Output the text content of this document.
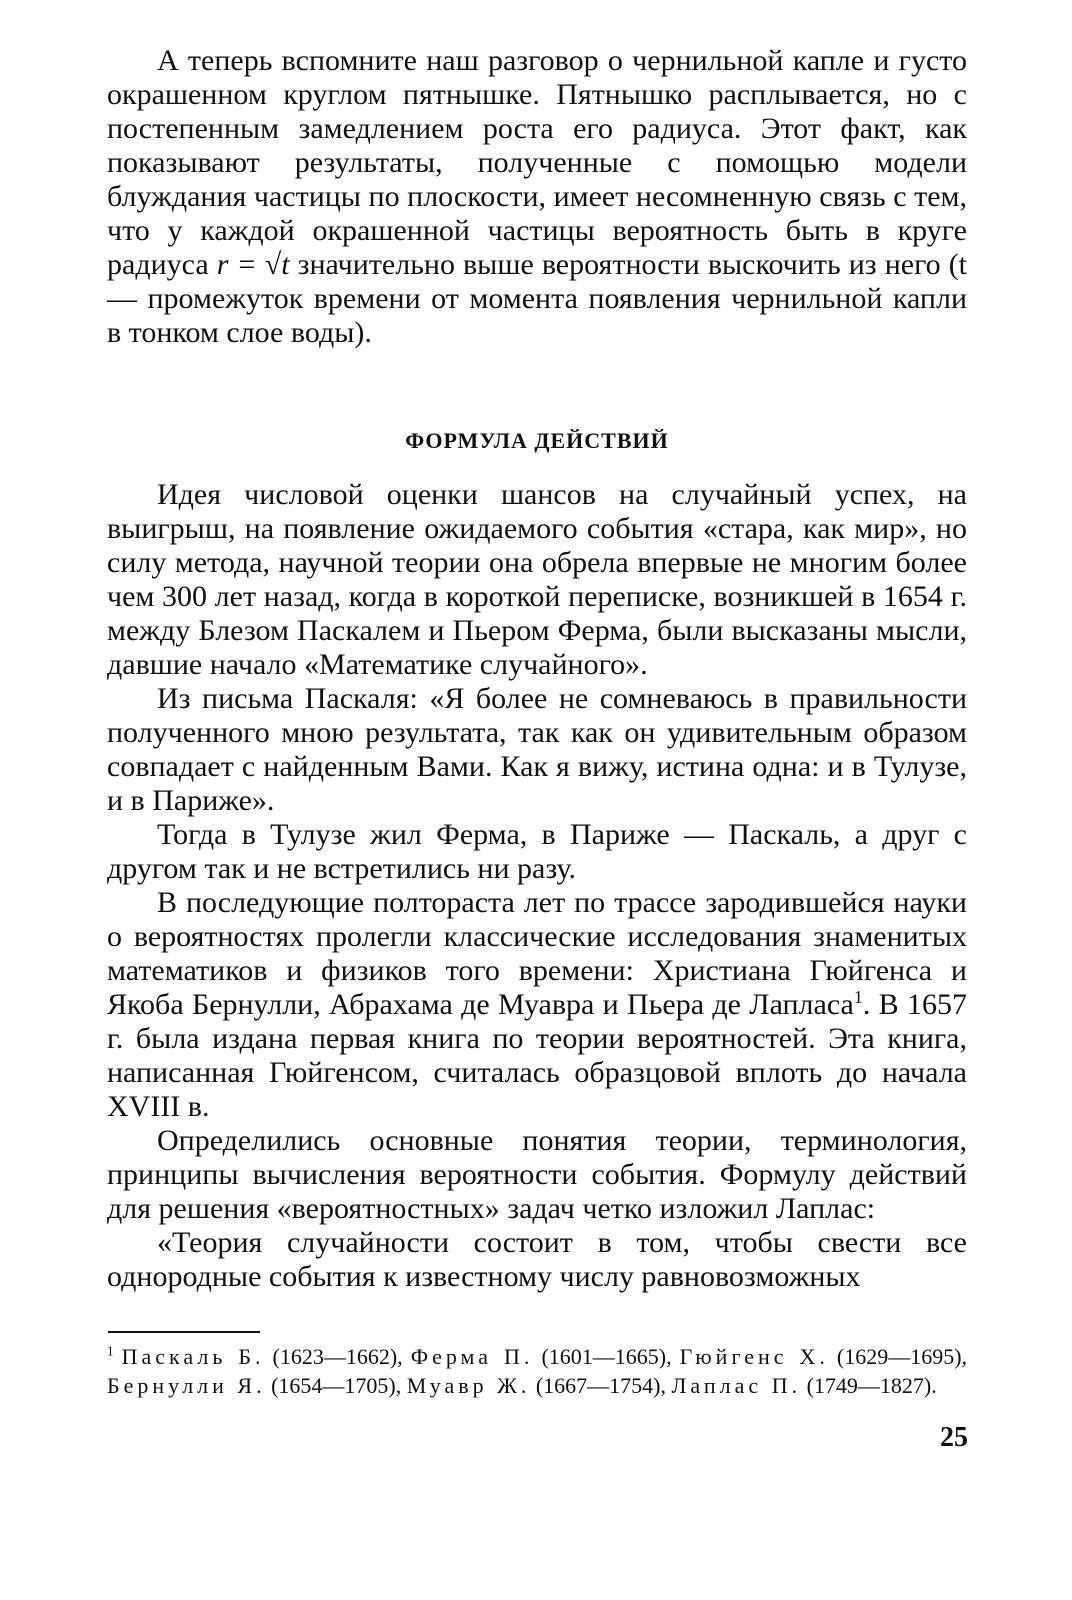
А теперь вспомните наш разговор о чернильной капле и густо окрашенном круглом пятнышке. Пятнышко расплывается, но с постепенным замедлением роста его радиуса. Этот факт, как показывают результаты, полученные с помощью модели блуждания частицы по плоскости, имеет несомненную связь с тем, что у каждой окрашенной частицы вероятность быть в круге радиуса r = √t значительно выше вероятности выскочить из него (t — промежуток времени от момента появления чернильной капли в тонком слое воды).

ФОРМУЛА ДЕЙСТВИЙ

Идея числовой оценки шансов на случайный успех, на выигрыш, на появление ожидаемого события «стара, как мир», но силу метода, научной теории она обрела впервые не многим более чем 300 лет назад, когда в короткой переписке, возникшей в 1654 г. между Блезом Паскалем и Пьером Ферма, были высказаны мысли, давшие начало «Математике случайного».

Из письма Паскаля: «Я более не сомневаюсь в правильности полученного мною результата, так как он удивительным образом совпадает с найденным Вами. Как я вижу, истина одна: и в Тулузе, и в Париже».

Тогда в Тулузе жил Ферма, в Париже — Паскаль, а друг с другом так и не встретились ни разу.

В последующие полтораста лет по трассе зародившейся науки о вероятностях пролегли классические исследования знаменитых математиков и физиков того времени: Христиана Гюйгенса и Якоба Бернулли, Абрахама де Муавра и Пьера де Лапласа$^1$. В 1657 г. была издана первая книга по теории вероятностей. Эта книга, написанная Гюйгенсом, считалась образцовой вплоть до начала XVIII в.

Определились основные понятия теории, терминология, принципы вычисления вероятности события. Формулу действий для решения «вероятностных» задач четко изложил Лаплас:

«Теория случайности состоит в том, чтобы свести все однородные события к известному числу равновозможных

$^1$ Паскаль Б. (1623—1662), Ферма П. (1601—1665), Гюйгенс Х. (1629—1695), Бернулли Я. (1654—1705), Муавр Ж. (1667—1754), Лаплас П. (1749—1827).

25
